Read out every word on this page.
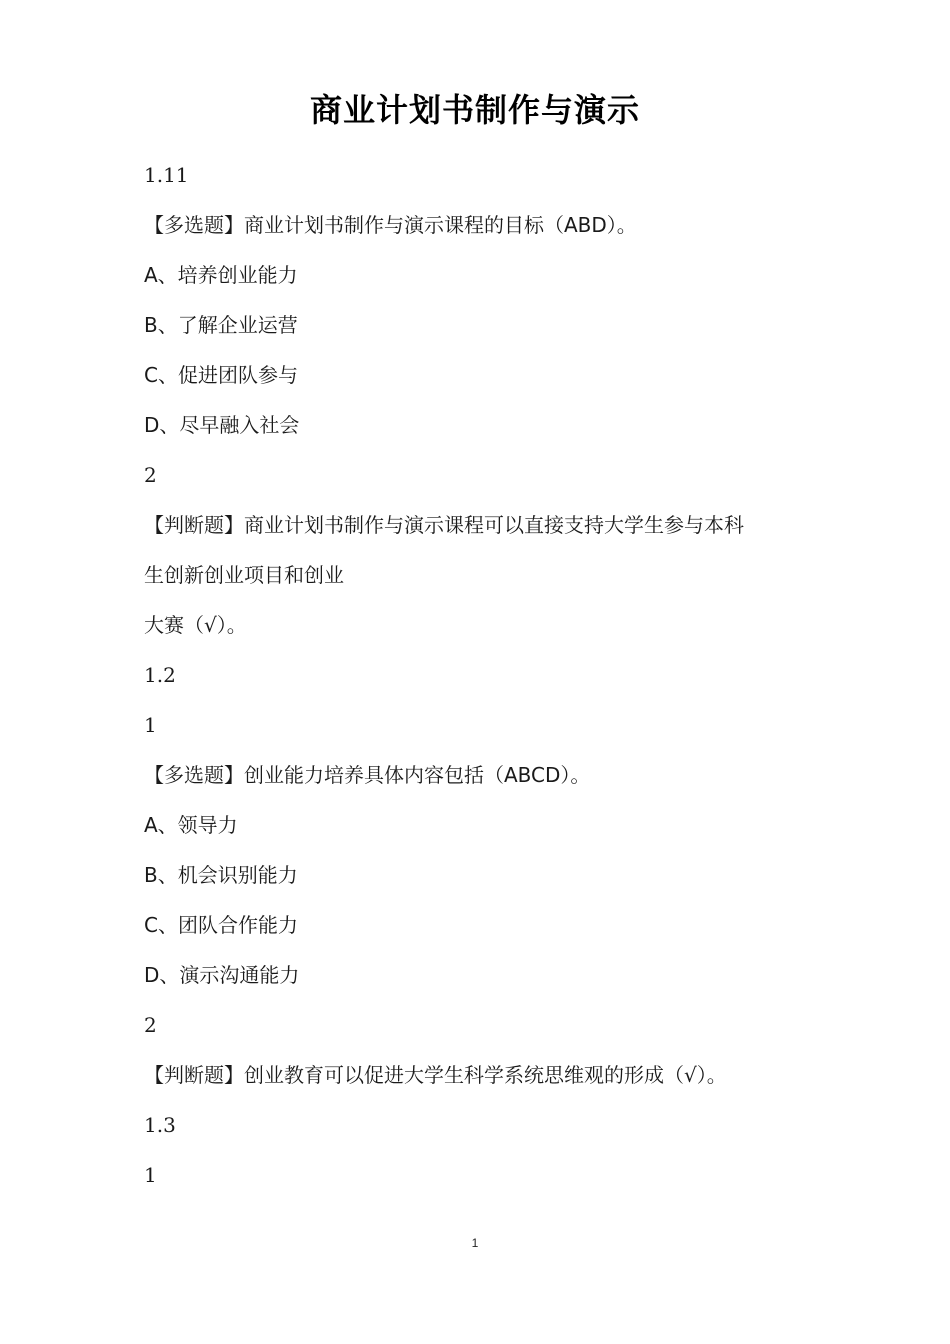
商业计划书制作与演示
1.11
【多选题】商业计划书制作与演示课程的目标（ABD）。
A、培养创业能力
B、了解企业运营
C、促进团队参与
D、尽早融入社会
2
【判断题】商业计划书制作与演示课程可以直接支持大学生参与本科
生创新创业项目和创业
大赛（√）。
1.2
1
【多选题】创业能力培养具体内容包括（ABCD）。
A、领导力
B、机会识别能力
C、团队合作能力
D、演示沟通能力
2
【判断题】创业教育可以促进大学生科学系统思维观的形成（√）。
1.3
1
1
